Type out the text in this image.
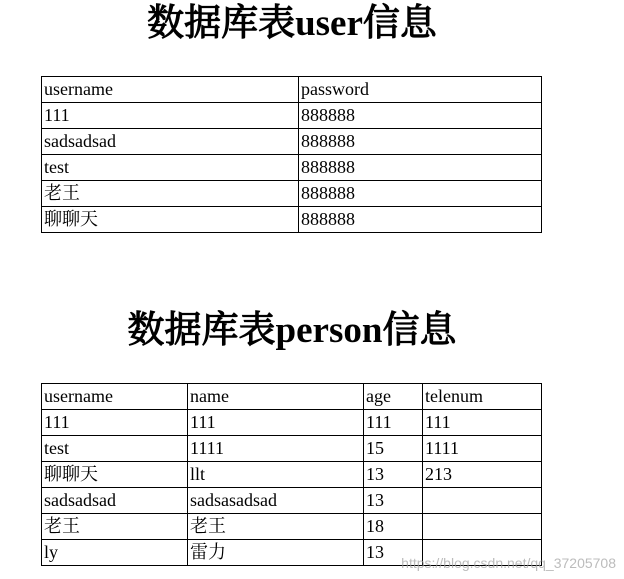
数据库表user信息
username	password
111	888888
sadsadsad	888888
test	888888
老王	888888
聊聊天	888888
数据库表person信息
username	name	age	telenum
111	111	111	111
test	1111	15	1111
聊聊天	llt	13	213
sadsadsad	sadsasadsad	13	
老王	老王	18	
ly	雷力	13	
https://blog.csdn.net/qq_37205708
